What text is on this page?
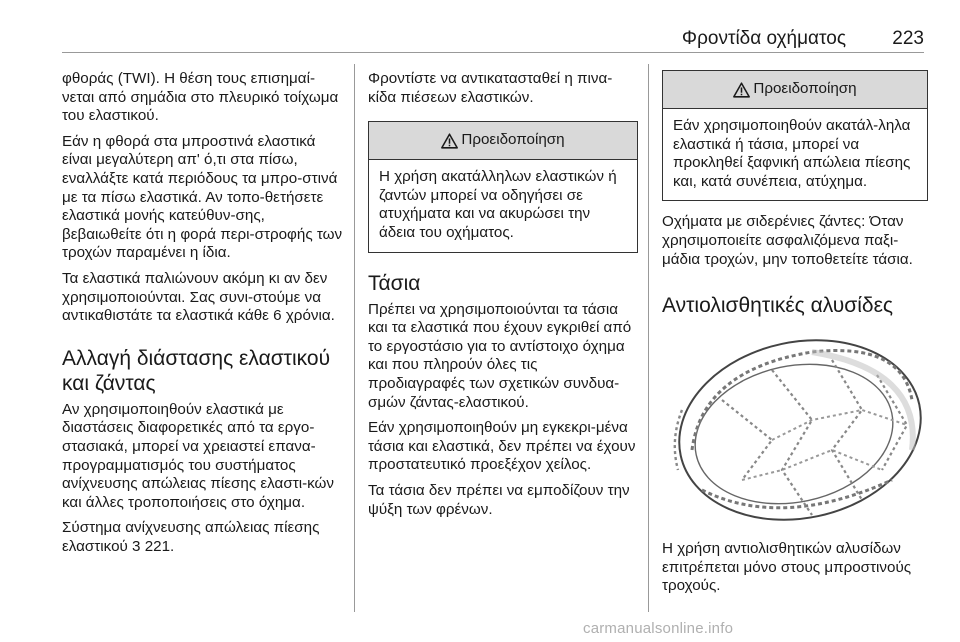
Φροντίδα οχήματος 223

φθοράς (TWI). Η θέση τους επισημαί-νεται από σημάδια στο πλευρικό τοίχωμα του ελαστικού.

Εάν η φθορά στα μπροστινά ελαστικά είναι μεγαλύτερη απ' ό,τι στα πίσω, εναλλάξτε κατά περιόδους τα μπρο-στινά με τα πίσω ελαστικά. Αν τοπο-θετήσετε ελαστικά μονής κατεύθυν-σης, βεβαιωθείτε ότι η φορά περι-στροφής των τροχών παραμένει η ίδια.

Τα ελαστικά παλιώνουν ακόμη κι αν δεν χρησιμοποιούνται. Σας συνι-στούμε να αντικαθιστάτε τα ελαστικά κάθε 6 χρόνια.

Αλλαγή διάστασης ελαστικού και ζάντας

Αν χρησιμοποιηθούν ελαστικά με διαστάσεις διαφορετικές από τα εργο-στασιακά, μπορεί να χρειαστεί επανα-προγραμματισμός του συστήματος ανίχνευσης απώλειας πίεσης ελαστι-κών και άλλες τροποποιήσεις στο όχημα.

Σύστημα ανίχνευσης απώλειας πίεσης ελαστικού 3 221.

Φροντίστε να αντικατασταθεί η πινα-κίδα πιέσεων ελαστικών.

Προειδοποίηση
Η χρήση ακατάλληλων ελαστικών ή ζαντών μπορεί να οδηγήσει σε ατυχήματα και να ακυρώσει την άδεια του οχήματος.
Τάσια

Πρέπει να χρησιμοποιούνται τα τάσια και τα ελαστικά που έχουν εγκριθεί από το εργοστάσιο για το αντίστοιχο όχημα και που πληρούν όλες τις προδιαγραφές των σχετικών συνδυα-σμών ζάντας-ελαστικού.

Εάν χρησιμοποιηθούν μη εγκεκρι-μένα τάσια και ελαστικά, δεν πρέπει να έχουν προστατευτικό προεξέχον χείλος.

Τα τάσια δεν πρέπει να εμποδίζουν την ψύξη των φρένων.

Προειδοποίηση
Εάν χρησιμοποιηθούν ακατάλ-ληλα ελαστικά ή τάσια, μπορεί να προκληθεί ξαφνική απώλεια πίεσης και, κατά συνέπεια, ατύχημα.

Οχήματα με σιδερένιες ζάντες: Όταν χρησιμοποιείτε ασφαλιζόμενα παξι-μάδια τροχών, μην τοποθετείτε τάσια.

Αντιολισθητικές αλυσίδες

Η χρήση αντιολισθητικών αλυσίδων επιτρέπεται μόνο στους μπροστινούς τροχούς.

carmanualsonline.info
